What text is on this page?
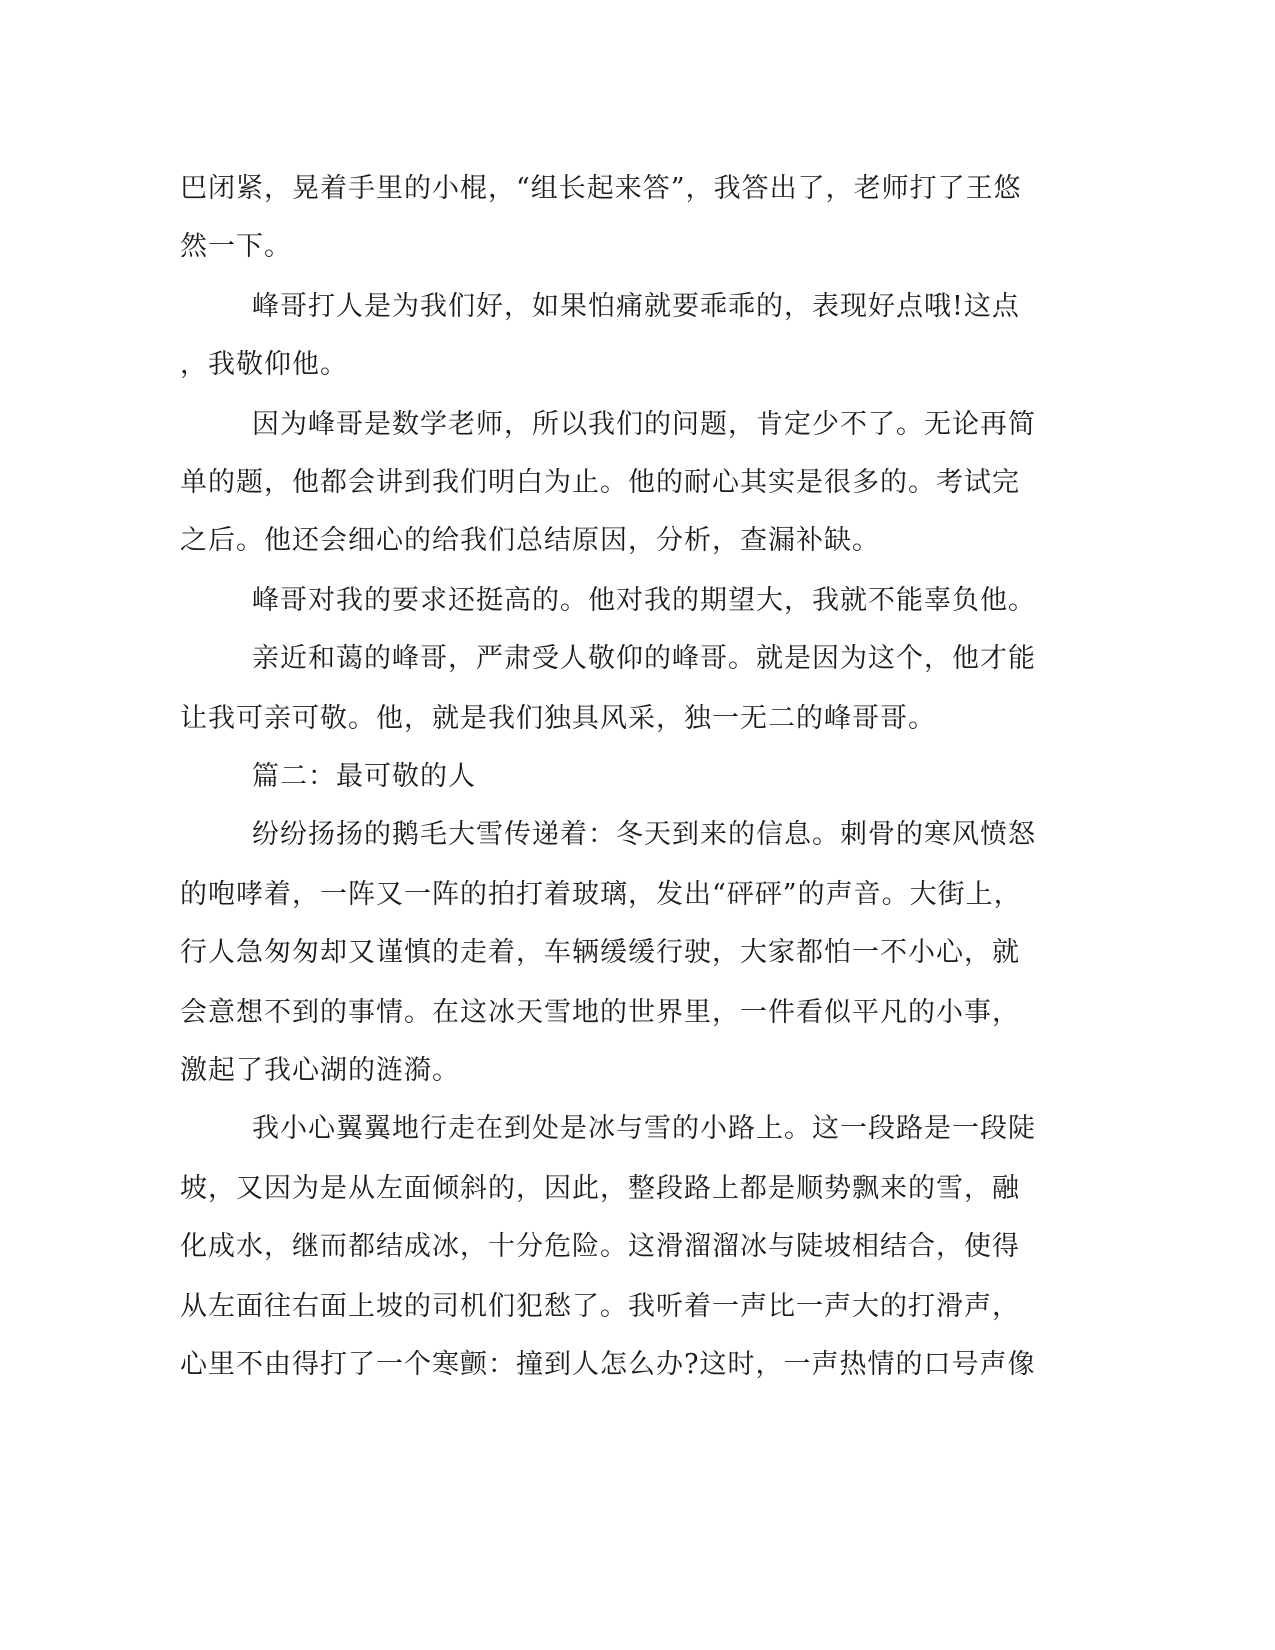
巴闭紧，晃着手里的小棍，“组长起来答”，我答出了，老师打了王悠

然一下。

峰哥打人是为我们好，如果怕痛就要乖乖的，表现好点哦!这点

，我敬仰他。

因为峰哥是数学老师，所以我们的问题，肯定少不了。无论再简

单的题，他都会讲到我们明白为止。他的耐心其实是很多的。考试完

之后。他还会细心的给我们总结原因，分析，查漏补缺。

峰哥对我的要求还挺高的。他对我的期望大，我就不能辜负他。

亲近和蔼的峰哥，严肃受人敬仰的峰哥。就是因为这个，他才能

让我可亲可敬。他，就是我们独具风采，独一无二的峰哥哥。

篇二：最可敬的人

纷纷扬扬的鹅毛大雪传递着：冬天到来的信息。刺骨的寒风愤怒

的咆哮着，一阵又一阵的拍打着玻璃，发出“砰砰”的声音。大街上，

行人急匆匆却又谨慎的走着，车辆缓缓行驶，大家都怕一不小心，就

会意想不到的事情。在这冰天雪地的世界里，一件看似平凡的小事，

激起了我心湖的涟漪。

我小心翼翼地行走在到处是冰与雪的小路上。这一段路是一段陡

坡，又因为是从左面倾斜的，因此，整段路上都是顺势飘来的雪，融

化成水，继而都结成冰，十分危险。这滑溜溜冰与陡坡相结合，使得

从左面往右面上坡的司机们犯愁了。我听着一声比一声大的打滑声，

心里不由得打了一个寒颤：撞到人怎么办?这时，一声热情的口号声像
